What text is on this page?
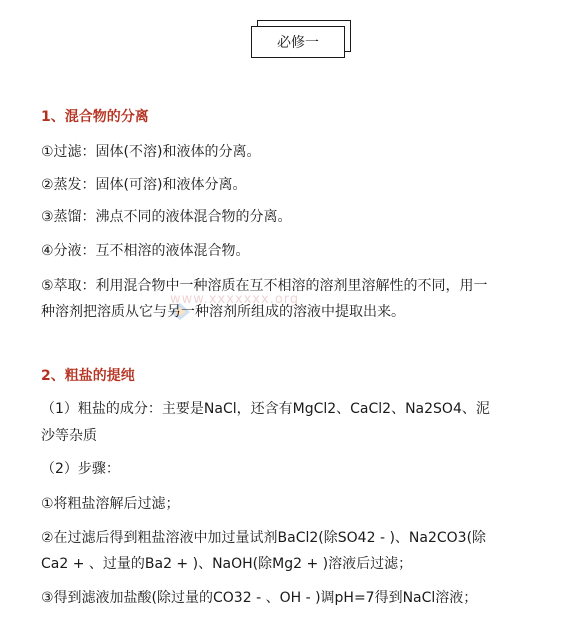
必修一
www.xxxxxxx.org
1、混合物的分离
①过滤：固体(不溶)和液体的分离。
②蒸发：固体(可溶)和液体分离。
③蒸馏：沸点不同的液体混合物的分离。
④分液：互不相溶的液体混合物。
⑤萃取：利用混合物中一种溶质在互不相溶的溶剂里溶解性的不同，用一
种溶剂把溶质从它与另一种溶剂所组成的溶液中提取出来。
2、粗盐的提纯
（1）粗盐的成分：主要是NaCl，还含有MgCl2、CaCl2、Na2SO4、泥
沙等杂质
（2）步骤：
①将粗盐溶解后过滤；
②在过滤后得到粗盐溶液中加过量试剂BaCl2(除SO42 - )、Na2CO3(除
Ca2 + 、过量的Ba2 + )、NaOH(除Mg2 + )溶液后过滤；
③得到滤液加盐酸(除过量的CO32 - 、OH - )调pH=7得到NaCl溶液；
